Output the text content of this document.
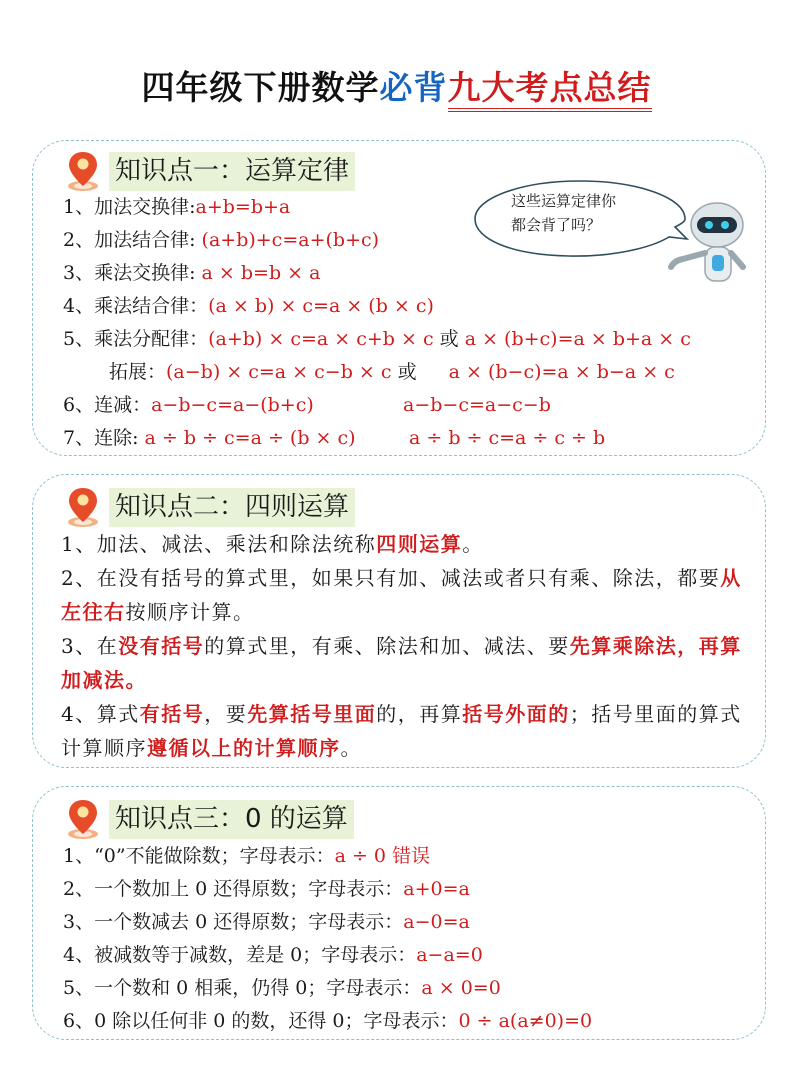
四年级下册数学必背九大考点总结
知识点一：运算定律
这些运算定律你
都会背了吗？
1、加法交换律:a+b=b+a
2、加法结合律: (a+b)+c=a+(b+c)
3、乘法交换律: a × b=b × a
4、乘法结合律：(a × b) × c=a × (b × c)
5、乘法分配律：(a+b) × c=a × c+b × c 或 a × (b+c)=a × b+a × c
拓展：(a−b) × c=a × c−b × c 或 a × (b−c)=a × b−a × c
6、连减：a−b−c=a−(b+c)	a−b−c=a−c−b
7、连除: a ÷ b ÷ c=a ÷ (b × c)	a ÷ b ÷ c=a ÷ c ÷ b
知识点二：四则运算
1、加法、减法、乘法和除法统称四则运算。
2、在没有括号的算式里，如果只有加、减法或者只有乘、除法，都要从左往右按顺序计算。
3、在没有括号的算式里，有乘、除法和加、减法、要先算乘除法，再算加减法。
4、算式有括号，要先算括号里面的，再算括号外面的；括号里面的算式计算顺序遵循以上的计算顺序。
知识点三：0 的运算
1、“0”不能做除数；字母表示：a ÷ 0 错误
2、一个数加上 0 还得原数；字母表示：a+0=a
3、一个数减去 0 还得原数；字母表示：a−0=a
4、被减数等于减数，差是 0；字母表示：a−a=0
5、一个数和 0 相乘，仍得 0；字母表示：a × 0=0
6、0 除以任何非 0 的数，还得 0；字母表示：0 ÷ a(a≠0)=0
